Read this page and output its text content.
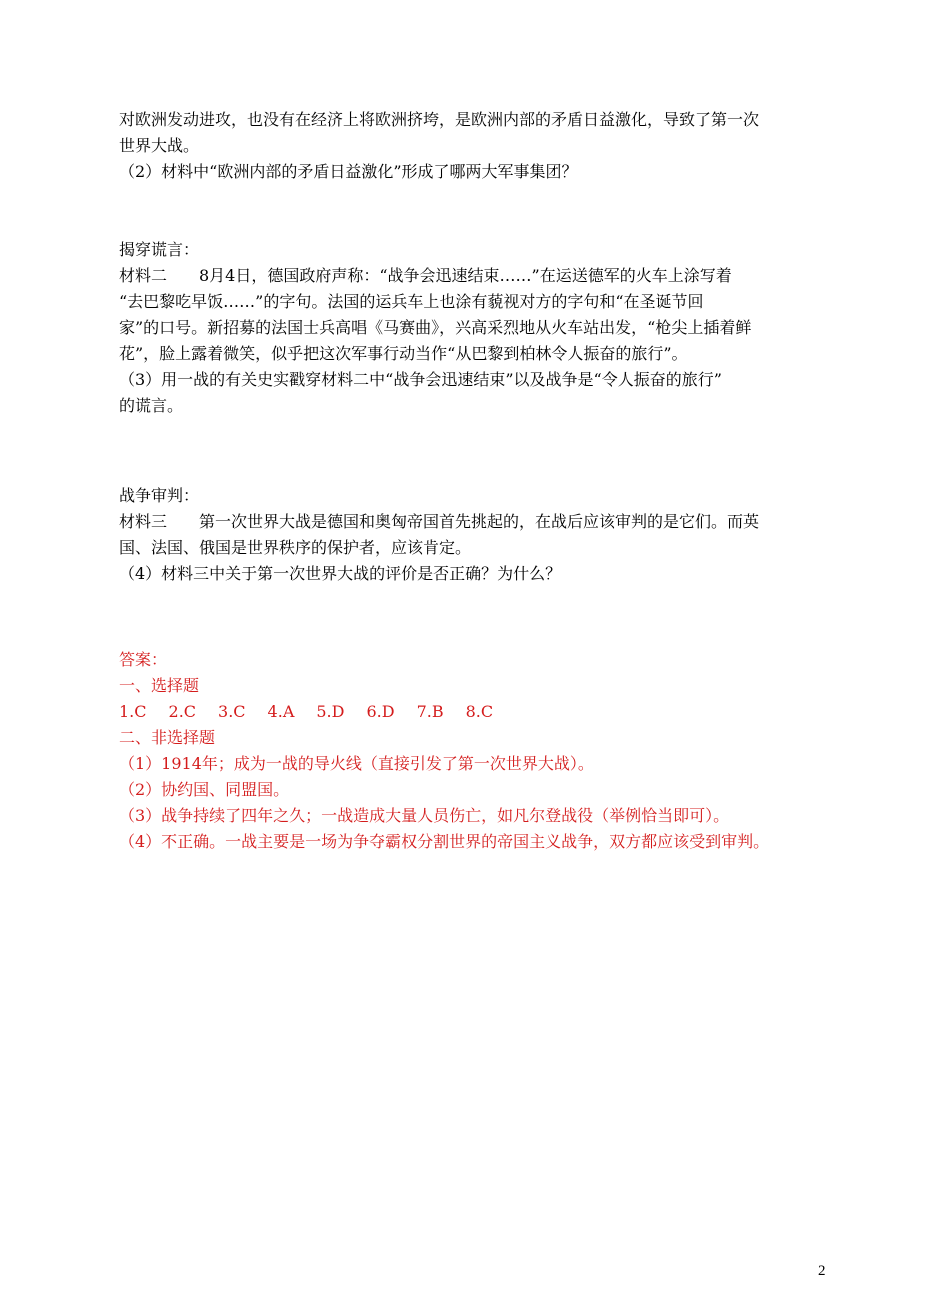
对欧洲发动进攻，也没有在经济上将欧洲挤垮，是欧洲内部的矛盾日益激化，导致了第一次
世界大战。
（2）材料中“欧洲内部的矛盾日益激化”形成了哪两大军事集团？
揭穿谎言：
材料二　　8月4日，德国政府声称：“战争会迅速结束……”在运送德军的火车上涂写着
“去巴黎吃早饭……”的字句。法国的运兵车上也涂有藐视对方的字句和“在圣诞节回
家”的口号。新招募的法国士兵高唱《马赛曲》，兴高采烈地从火车站出发，“枪尖上插着鲜
花”，脸上露着微笑，似乎把这次军事行动当作“从巴黎到柏林令人振奋的旅行”。
（3）用一战的有关史实戳穿材料二中“战争会迅速结束”以及战争是“令人振奋的旅行”
的谎言。
战争审判：
材料三　　第一次世界大战是德国和奥匈帝国首先挑起的，在战后应该审判的是它们。而英
国、法国、俄国是世界秩序的保护者，应该肯定。
（4）材料三中关于第一次世界大战的评价是否正确？为什么？
答案：
一、选择题
1.C 2.C 3.C 4.A 5.D 6.D 7.B 8.C
二、非选择题
（1）1914年；成为一战的导火线（直接引发了第一次世界大战）。
（2）协约国、同盟国。
（3）战争持续了四年之久；一战造成大量人员伤亡，如凡尔登战役（举例恰当即可）。
（4）不正确。一战主要是一场为争夺霸权分割世界的帝国主义战争，双方都应该受到审判。
2
